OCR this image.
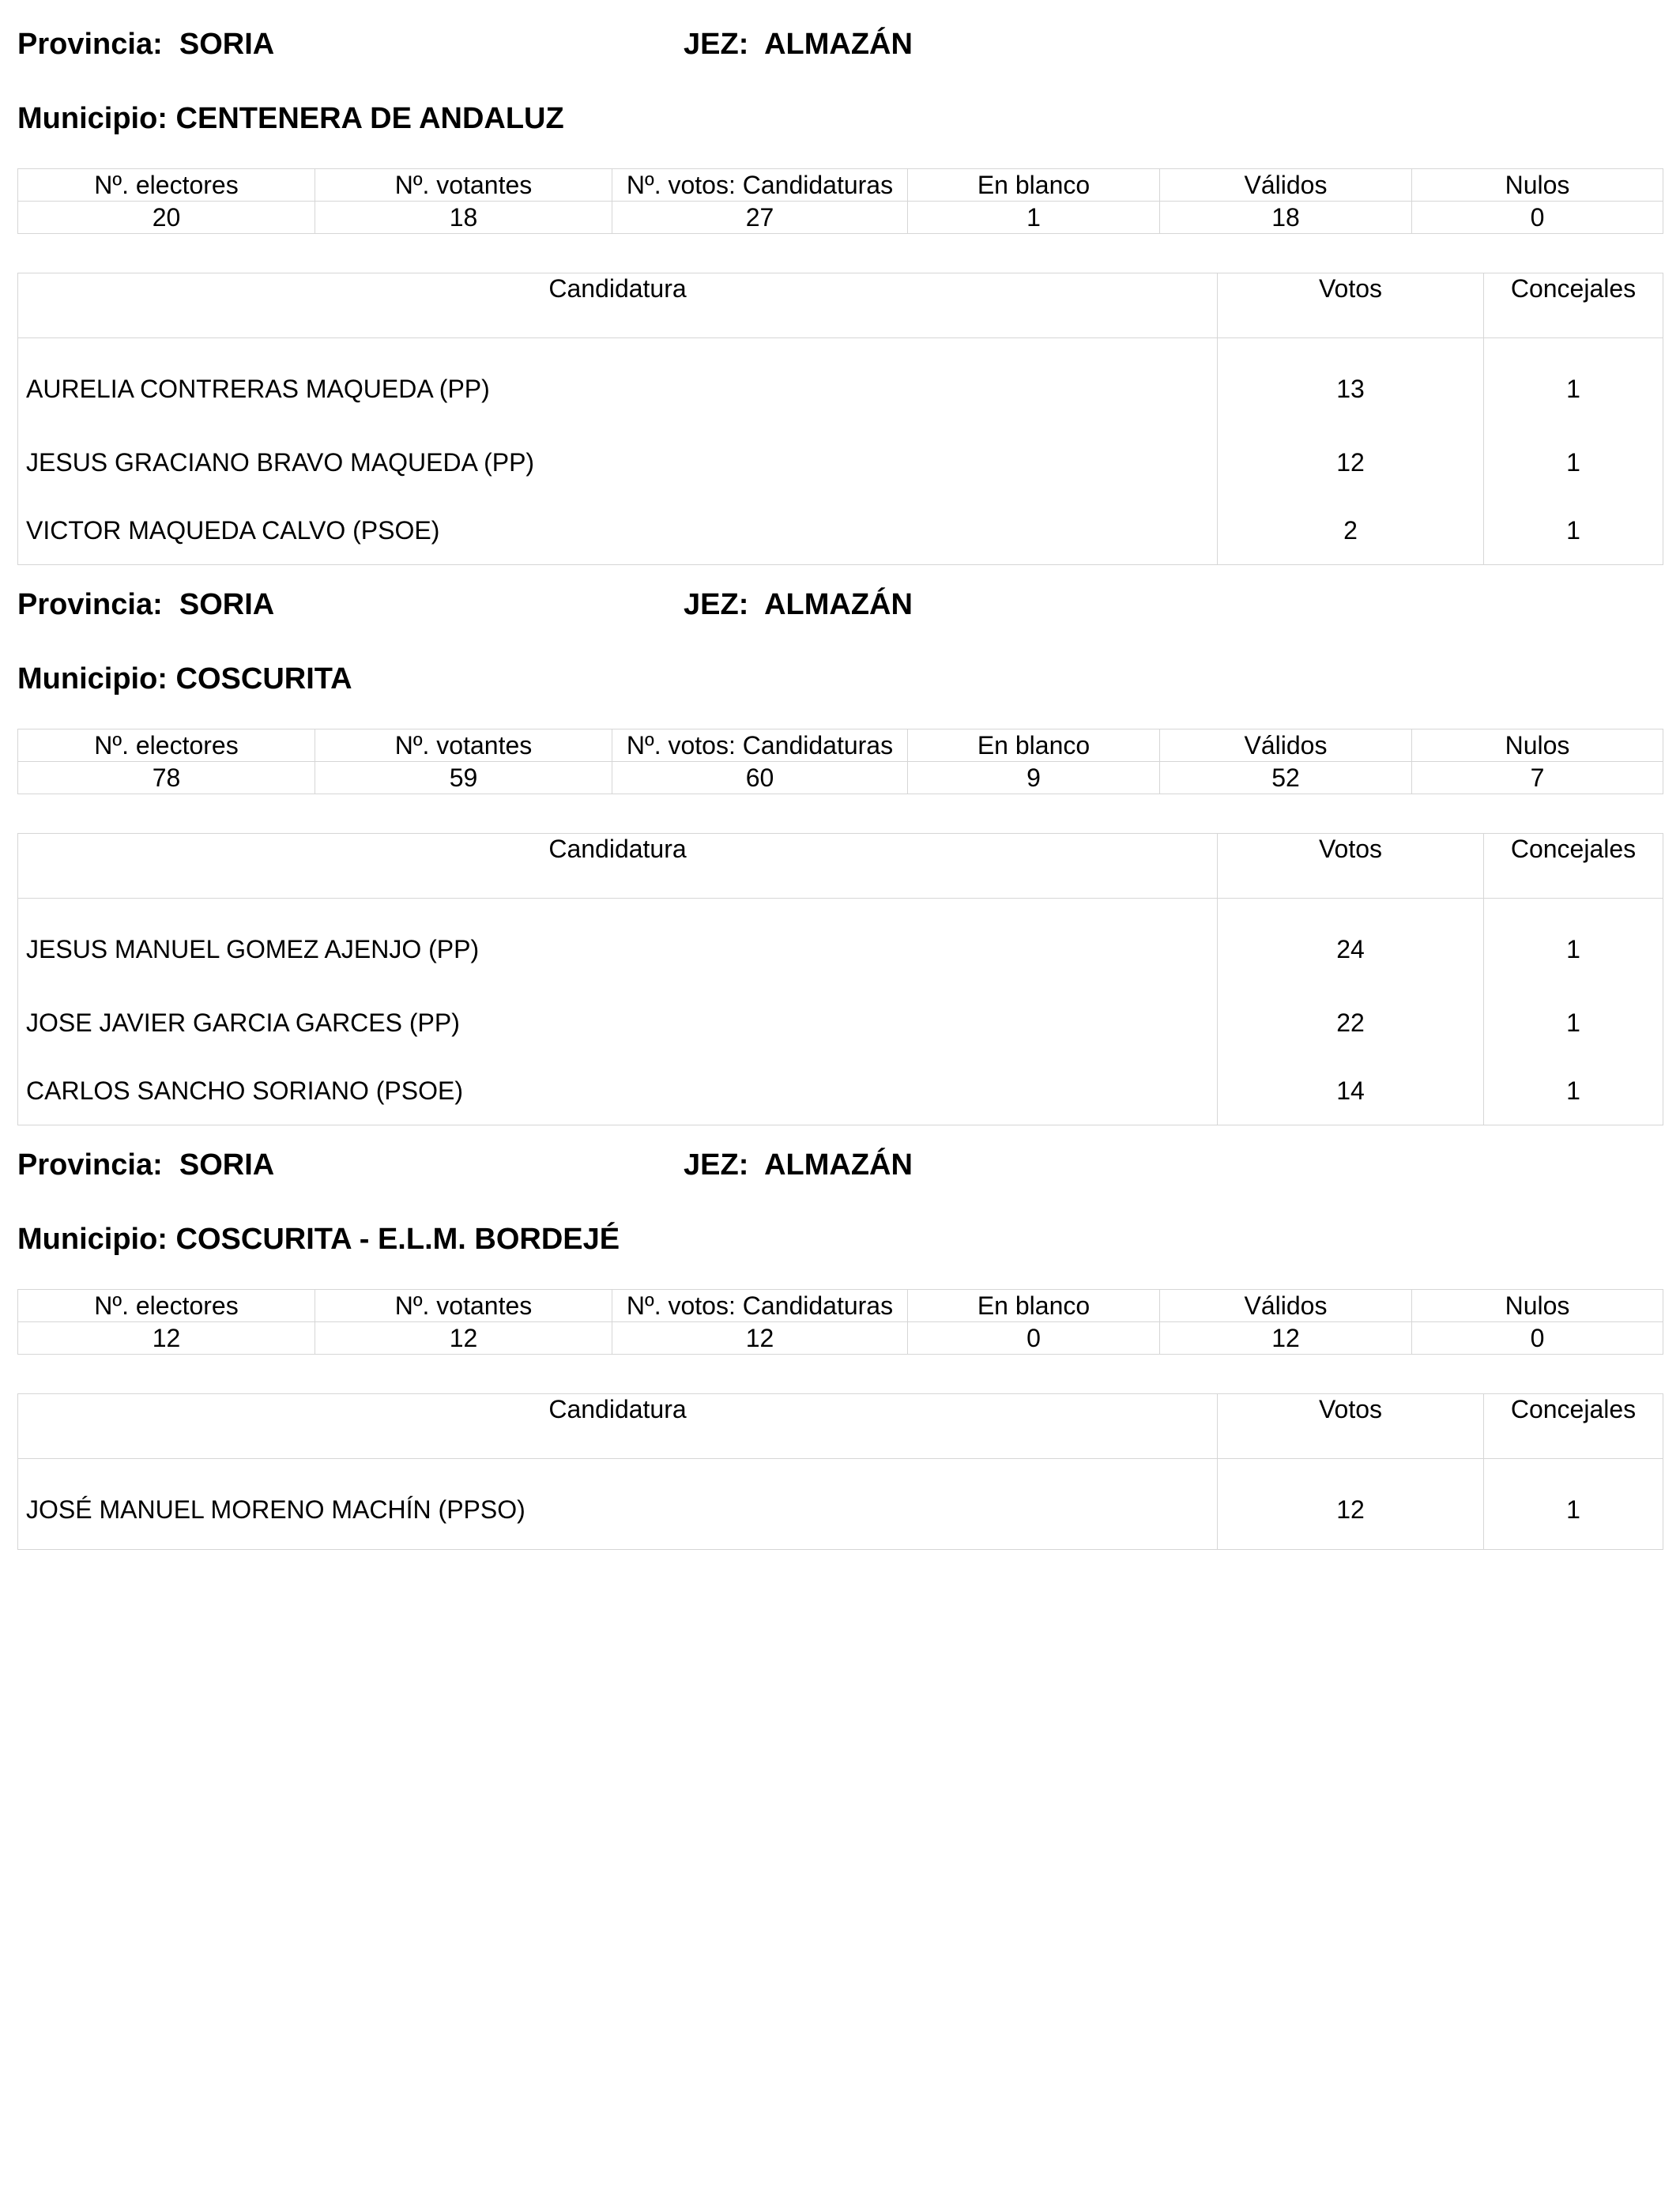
Provincia: SORIA	JEZ: ALMAZÁN
Municipio: CENTENERA DE ANDALUZ
Nº. electores	Nº. votantes	Nº. votos: Candidaturas	En blanco	Válidos	Nulos
20	18	27	1	18	0
Candidatura	Votos	Concejales
AURELIA CONTRERAS MAQUEDA (PP)	13	1
JESUS GRACIANO BRAVO MAQUEDA (PP)	12	1
VICTOR MAQUEDA CALVO (PSOE)	2	1
Provincia: SORIA	JEZ: ALMAZÁN
Municipio: COSCURITA
Nº. electores	Nº. votantes	Nº. votos: Candidaturas	En blanco	Válidos	Nulos
78	59	60	9	52	7
Candidatura	Votos	Concejales
JESUS MANUEL GOMEZ AJENJO (PP)	24	1
JOSE JAVIER GARCIA GARCES (PP)	22	1
CARLOS SANCHO SORIANO (PSOE)	14	1
Provincia: SORIA	JEZ: ALMAZÁN
Municipio: COSCURITA - E.L.M. BORDEJÉ
Nº. electores	Nº. votantes	Nº. votos: Candidaturas	En blanco	Válidos	Nulos
12	12	12	0	12	0
Candidatura	Votos	Concejales
JOSÉ MANUEL MORENO MACHÍN (PPSO)	12	1
